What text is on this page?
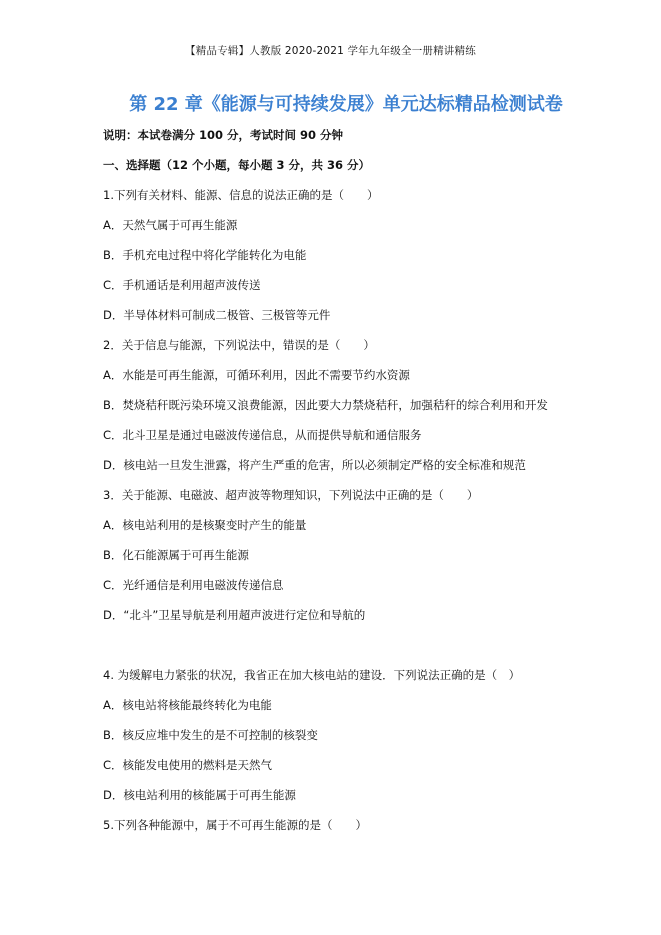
【精品专辑】人教版 2020-2021 学年九年级全一册精讲精练
第 22 章《能源与可持续发展》单元达标精品检测试卷
说明：本试卷满分 100 分，考试时间 90 分钟
一、选择题（12 个小题，每小题 3 分，共 36 分）
1.下列有关材料、能源、信息的说法正确的是（　　）
A．天然气属于可再生能源
B．手机充电过程中将化学能转化为电能
C．手机通话是利用超声波传送
D．半导体材料可制成二极管、三极管等元件
2．关于信息与能源，下列说法中，错误的是（　　）
A．水能是可再生能源，可循环利用，因此不需要节约水资源
B．焚烧秸秆既污染环境又浪费能源，因此要大力禁烧秸秆，加强秸秆的综合利用和开发
C．北斗卫星是通过电磁波传递信息，从而提供导航和通信服务
D．核电站一旦发生泄露，将产生严重的危害，所以必须制定严格的安全标准和规范
3．关于能源、电磁波、超声波等物理知识，下列说法中正确的是（　　）
A．核电站利用的是核聚变时产生的能量
B．化石能源属于可再生能源
C．光纤通信是利用电磁波传递信息
D．“北斗”卫星导航是利用超声波进行定位和导航的
4. 为缓解电力紧张的状况，我省正在加大核电站的建设．下列说法正确的是（　）
A．核电站将核能最终转化为电能
B．核反应堆中发生的是不可控制的核裂变
C．核能发电使用的燃料是天然气
D．核电站利用的核能属于可再生能源
5.下列各种能源中，属于不可再生能源的是（　　）
